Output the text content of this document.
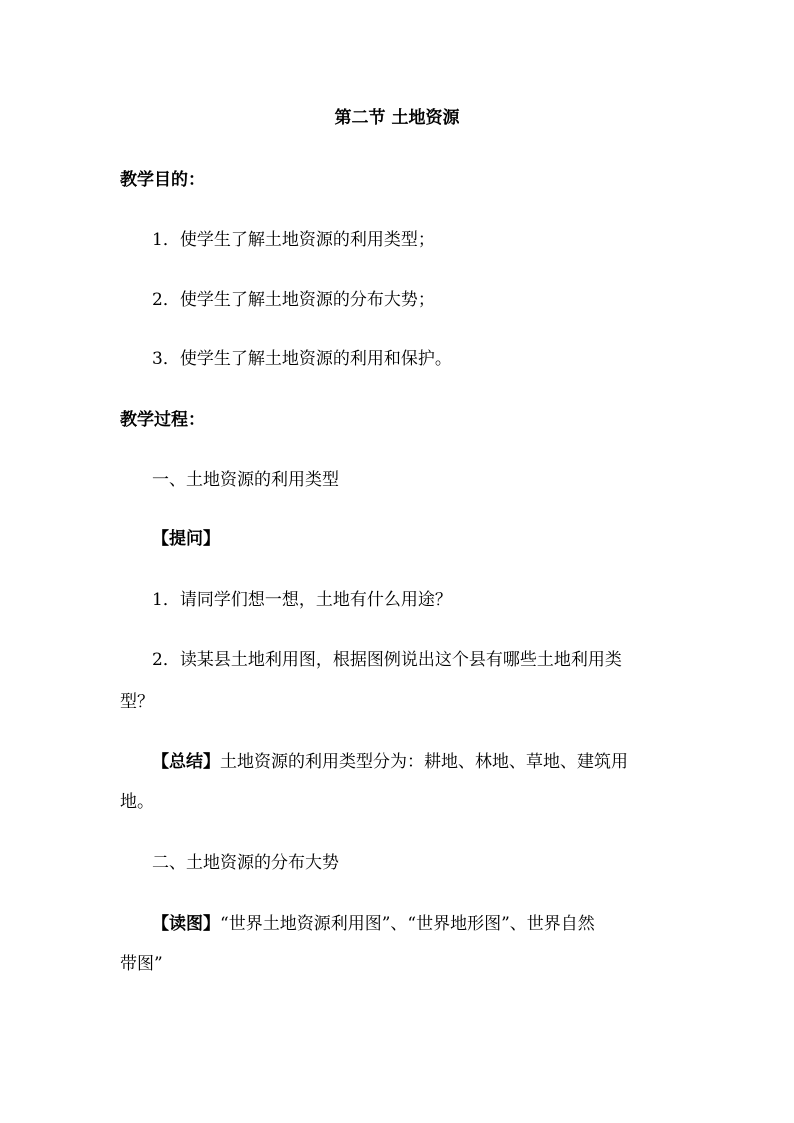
第二节 土地资源
教学目的：
1．使学生了解土地资源的利用类型；
2．使学生了解土地资源的分布大势；
3．使学生了解土地资源的利用和保护。
教学过程：
一、土地资源的利用类型
【提问】
1．请同学们想一想，土地有什么用途？
2．读某县土地利用图，根据图例说出这个县有哪些土地利用类
型？
【总结】土地资源的利用类型分为：耕地、林地、草地、建筑用
地。
二、土地资源的分布大势
【读图】“世界土地资源利用图”、“世界地形图”、世界自然
带图”
